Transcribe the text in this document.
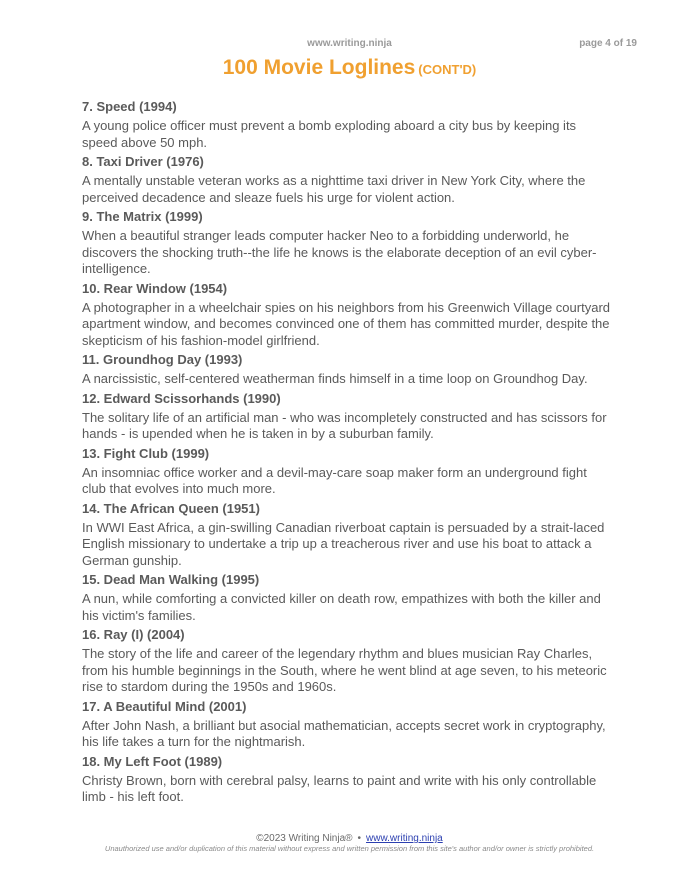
www.writing.ninja	page 4 of 19
100 Movie Loglines (CONT'D)
7. Speed (1994)
A young police officer must prevent a bomb exploding aboard a city bus by keeping its speed above 50 mph.
8. Taxi Driver (1976)
A mentally unstable veteran works as a nighttime taxi driver in New York City, where the perceived decadence and sleaze fuels his urge for violent action.
9. The Matrix (1999)
When a beautiful stranger leads computer hacker Neo to a forbidding underworld, he discovers the shocking truth--the life he knows is the elaborate deception of an evil cyber-intelligence.
10. Rear Window (1954)
A photographer in a wheelchair spies on his neighbors from his Greenwich Village courtyard apartment window, and becomes convinced one of them has committed murder, despite the skepticism of his fashion-model girlfriend.
11. Groundhog Day (1993)
A narcissistic, self-centered weatherman finds himself in a time loop on Groundhog Day.
12. Edward Scissorhands (1990)
The solitary life of an artificial man - who was incompletely constructed and has scissors for hands - is upended when he is taken in by a suburban family.
13. Fight Club (1999)
An insomniac office worker and a devil-may-care soap maker form an underground fight club that evolves into much more.
14. The African Queen (1951)
In WWI East Africa, a gin-swilling Canadian riverboat captain is persuaded by a strait-laced English missionary to undertake a trip up a treacherous river and use his boat to attack a German gunship.
15. Dead Man Walking (1995)
A nun, while comforting a convicted killer on death row, empathizes with both the killer and his victim's families.
16. Ray (I) (2004)
The story of the life and career of the legendary rhythm and blues musician Ray Charles, from his humble beginnings in the South, where he went blind at age seven, to his meteoric rise to stardom during the 1950s and 1960s.
17. A Beautiful Mind (2001)
After John Nash, a brilliant but asocial mathematician, accepts secret work in cryptography, his life takes a turn for the nightmarish.
18. My Left Foot (1989)
Christy Brown, born with cerebral palsy, learns to paint and write with his only controllable limb - his left foot.
©2023 Writing Ninja® • www.writing.ninja
Unauthorized use and/or duplication of this material without express and written permission from this site's author and/or owner is strictly prohibited.
